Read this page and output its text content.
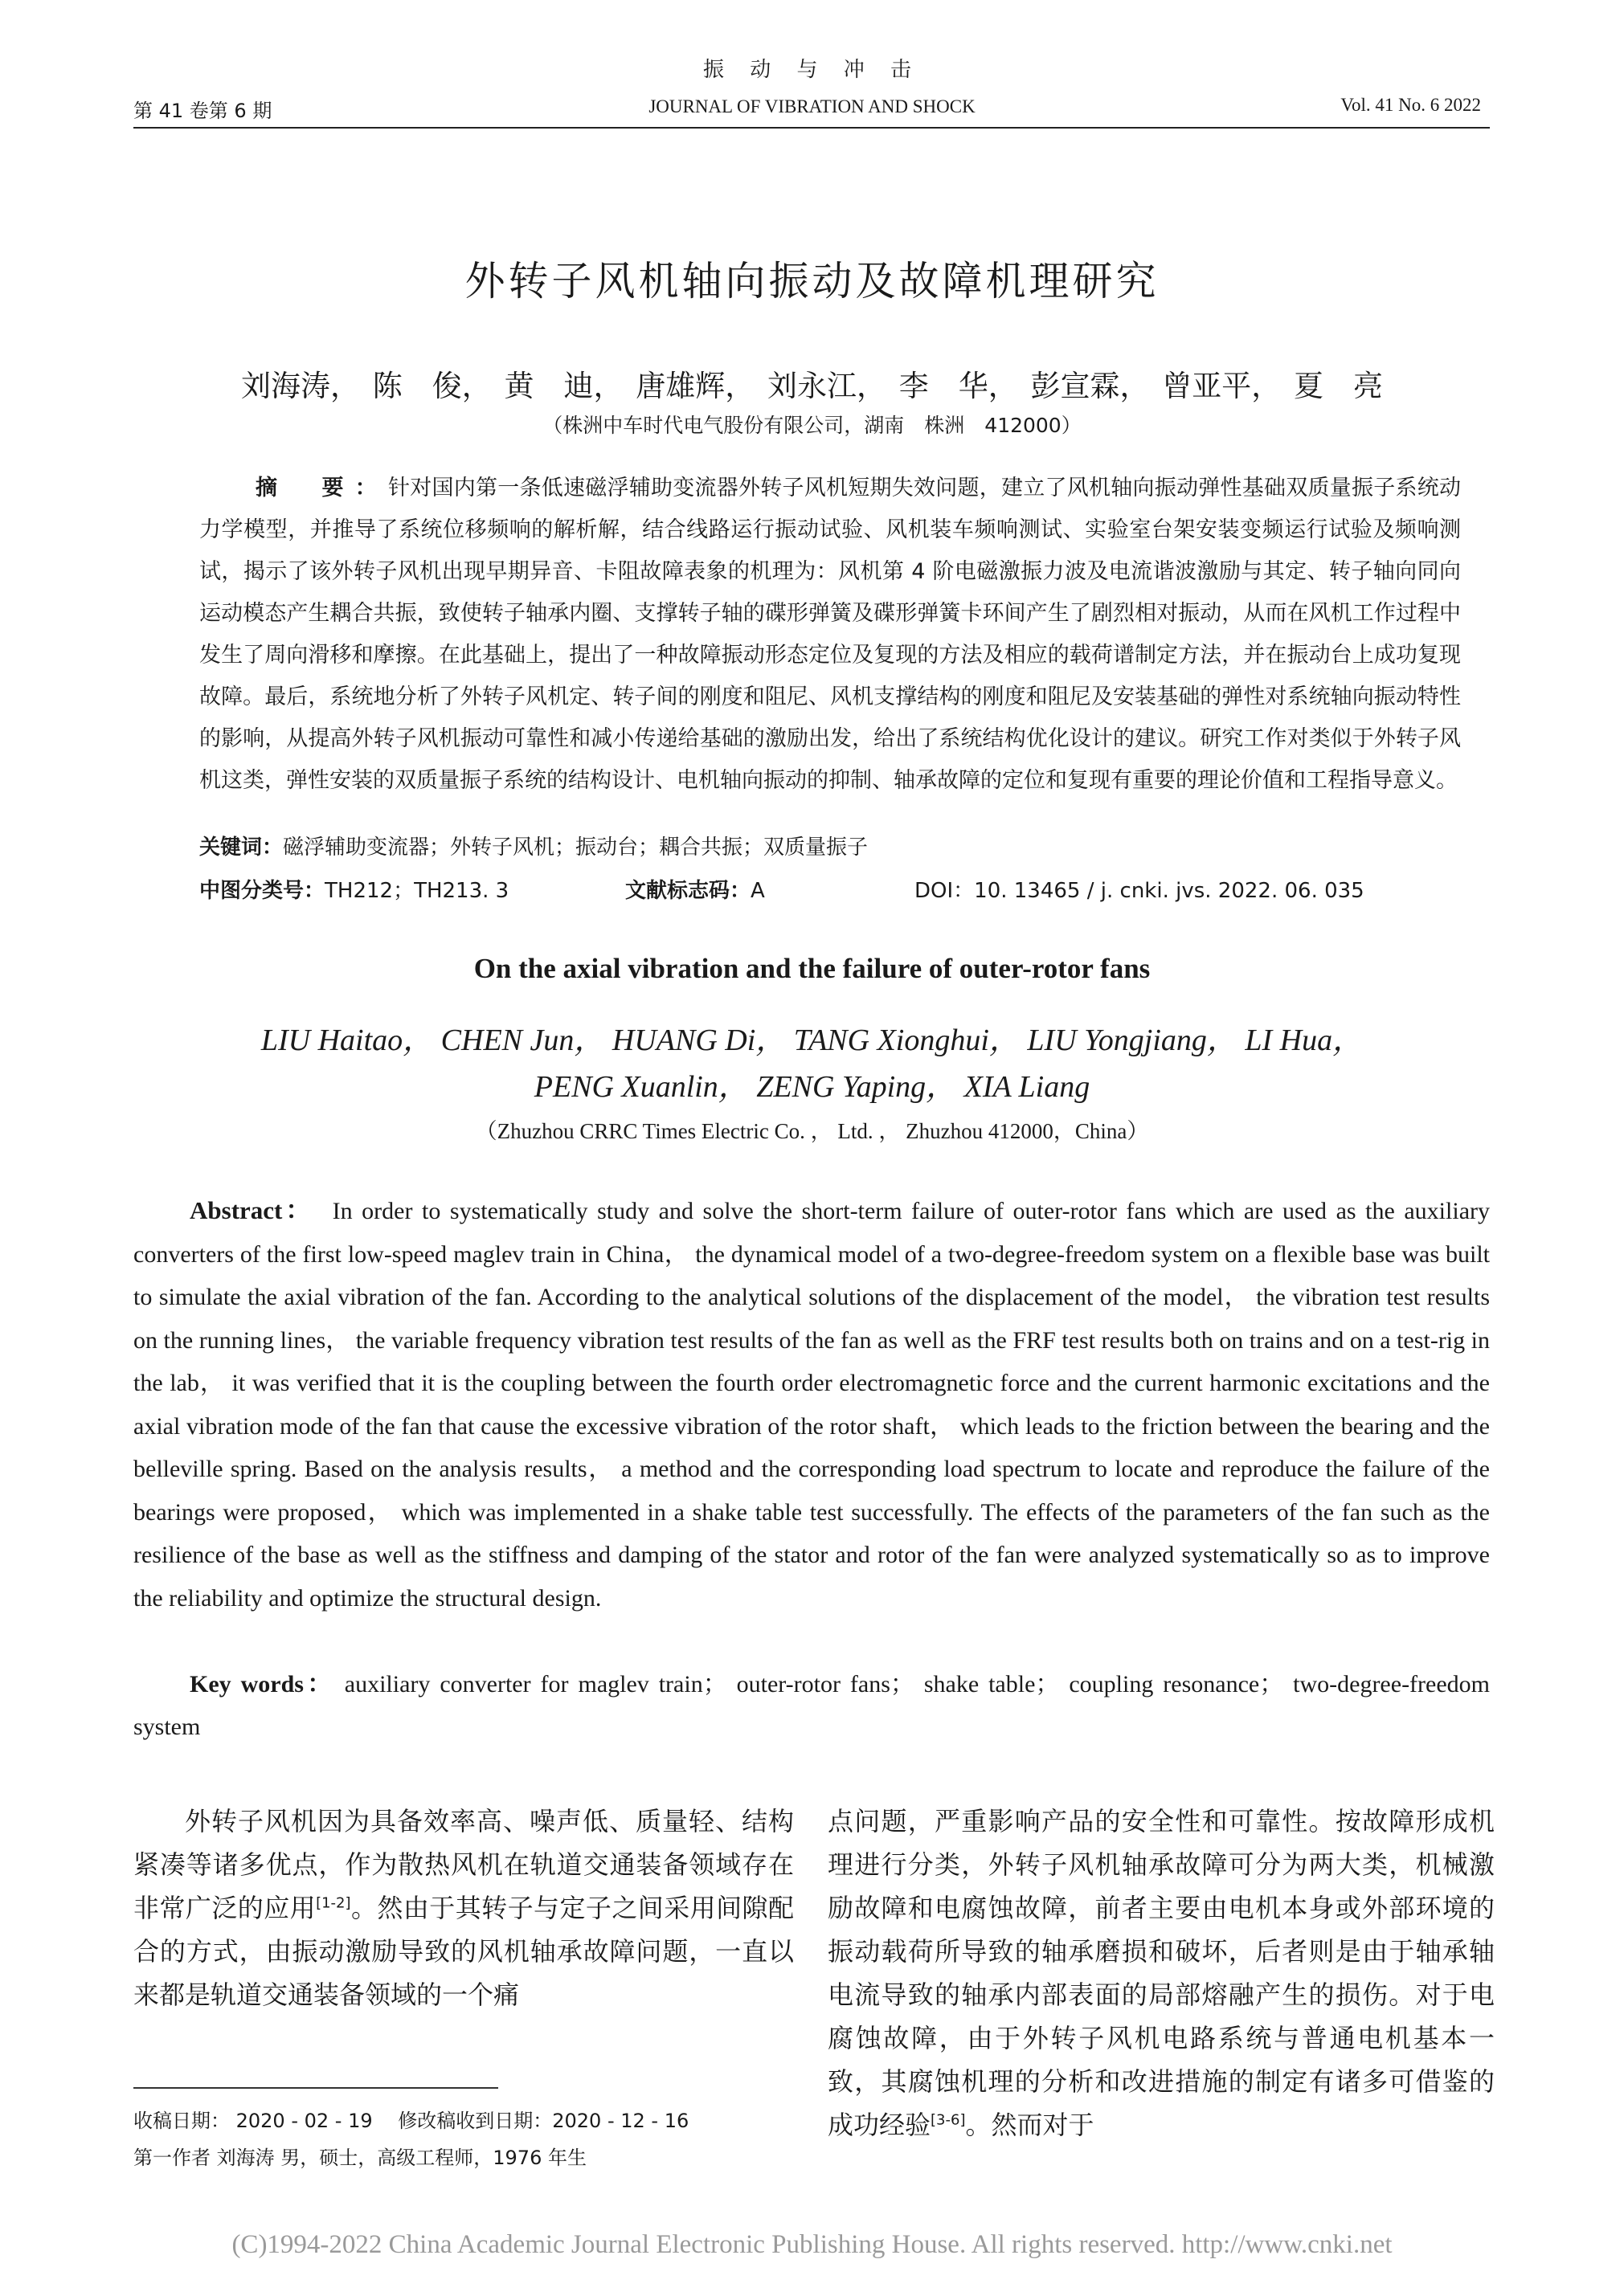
振 动 与 冲 击
第 41 卷第 6 期	JOURNAL OF VIBRATION AND SHOCK	Vol. 41 No. 6 2022
外转子风机轴向振动及故障机理研究
刘海涛， 陈　俊， 黄　迪， 唐雄辉， 刘永江， 李　华， 彭宣霖， 曾亚平， 夏　亮
（株洲中车时代电气股份有限公司，湖南　株洲　412000）
摘　要：针对国内第一条低速磁浮辅助变流器外转子风机短期失效问题，建立了风机轴向振动弹性基础双质量振子系统动力学模型，并推导了系统位移频响的解析解，结合线路运行振动试验、风机装车频响测试、实验室台架安装变频运行试验及频响测试，揭示了该外转子风机出现早期异音、卡阻故障表象的机理为：风机第 4 阶电磁激振力波及电流谐波激励与其定、转子轴向同向运动模态产生耦合共振，致使转子轴承内圈、支撑转子轴的碟形弹簧及碟形弹簧卡环间产生了剧烈相对振动，从而在风机工作过程中发生了周向滑移和摩擦。在此基础上，提出了一种故障振动形态定位及复现的方法及相应的载荷谱制定方法，并在振动台上成功复现故障。最后，系统地分析了外转子风机定、转子间的刚度和阻尼、风机支撑结构的刚度和阻尼及安装基础的弹性对系统轴向振动特性的影响，从提高外转子风机振动可靠性和减小传递给基础的激励出发，给出了系统结构优化设计的建议。研究工作对类似于外转子风机这类，弹性安装的双质量振子系统的结构设计、电机轴向振动的抑制、轴承故障的定位和复现有重要的理论价值和工程指导意义。
关键词：磁浮辅助变流器；外转子风机；振动台；耦合共振；双质量振子
中图分类号：TH212；TH213. 3	文献标志码：A	DOI：10. 13465 / j. cnki. jvs. 2022. 06. 035
On the axial vibration and the failure of outer-rotor fans
LIU Haitao， CHEN Jun， HUANG Di， TANG Xionghui， LIU Yongjiang， LI Hua，
PENG Xuanlin， ZENG Yaping， XIA Liang
（Zhuzhou CRRC Times Electric Co. ， Ltd. ， Zhuzhou 412000，China）
Abstract： In order to systematically study and solve the short-term failure of outer-rotor fans which are used as the auxiliary converters of the first low-speed maglev train in China， the dynamical model of a two-degree-freedom system on a flexible base was built to simulate the axial vibration of the fan. According to the analytical solutions of the displacement of the model， the vibration test results on the running lines， the variable frequency vibration test results of the fan as well as the FRF test results both on trains and on a test-rig in the lab， it was verified that it is the coupling between the fourth order electromagnetic force and the current harmonic excitations and the axial vibration mode of the fan that cause the excessive vibration of the rotor shaft， which leads to the friction between the bearing and the belleville spring. Based on the analysis results， a method and the corresponding load spectrum to locate and reproduce the failure of the bearings were proposed， which was implemented in a shake table test successfully. The effects of the parameters of the fan such as the resilience of the base as well as the stiffness and damping of the stator and rotor of the fan were analyzed systematically so as to improve the reliability and optimize the structural design.
Key words： auxiliary converter for maglev train； outer-rotor fans； shake table； coupling resonance； two-degree-freedom system
外转子风机因为具备效率高、噪声低、质量轻、结构紧凑等诸多优点，作为散热风机在轨道交通装备领域存在非常广泛的应用[1-2]。然由于其转子与定子之间采用间隙配合的方式，由振动激励导致的风机轴承故障问题，一直以来都是轨道交通装备领域的一个痛
点问题，严重影响产品的安全性和可靠性。按故障形成机理进行分类，外转子风机轴承故障可分为两大类，机械激励故障和电腐蚀故障，前者主要由电机本身或外部环境的振动载荷所导致的轴承磨损和破坏，后者则是由于轴承轴电流导致的轴承内部表面的局部熔融产生的损伤。对于电腐蚀故障，由于外转子风机电路系统与普通电机基本一致，其腐蚀机理的分析和改进措施的制定有诸多可借鉴的成功经验[3-6]。然而对于
收稿日期： 2020 - 02 - 19　 修改稿收到日期：2020 - 12 - 16
第一作者 刘海涛 男，硕士，高级工程师，1976 年生
(C)1994-2022 China Academic Journal Electronic Publishing House. All rights reserved. http://www.cnki.net
